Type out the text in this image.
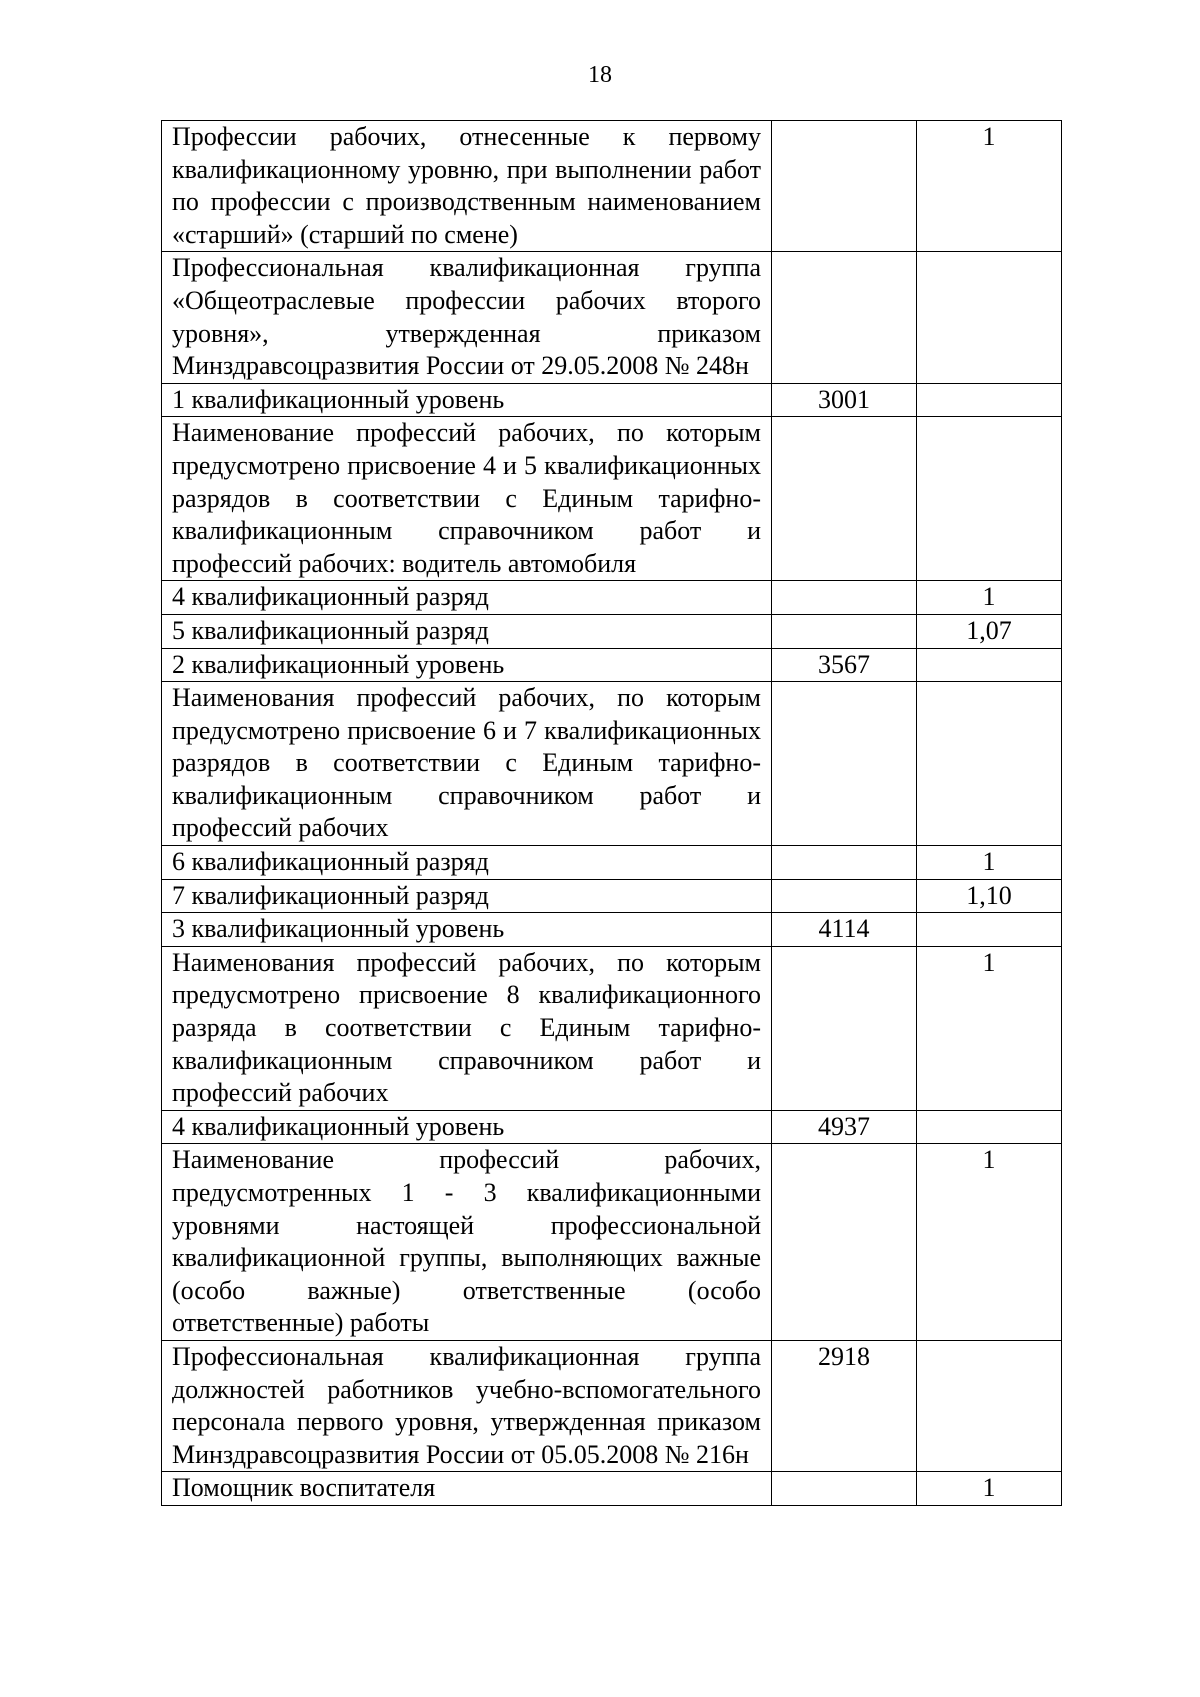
18
Профессии рабочих, отнесенные к первому квалификационному уровню, при выполнении работ по профессии с производственным наименованием «старший» (старший по смене)		1
Профессиональная квалификационная группа «Общеотраслевые профессии рабочих второго уровня», утвержденная приказом Минздравсоцразвития России от 29.05.2008 № 248н		
1 квалификационный уровень	3001	
Наименование профессий рабочих, по которым предусмотрено присвоение 4 и 5 квалификационных разрядов в соответствии с Единым тарифно-квалификационным справочником работ и профессий рабочих: водитель автомобиля		
4 квалификационный разряд		1
5 квалификационный разряд		1,07
2 квалификационный уровень	3567	
Наименования профессий рабочих, по которым предусмотрено присвоение 6 и 7 квалификационных разрядов в соответствии с Единым тарифно-квалификационным справочником работ и профессий рабочих		
6 квалификационный разряд		1
7 квалификационный разряд		1,10
3 квалификационный уровень	4114	
Наименования профессий рабочих, по которым предусмотрено присвоение 8 квалификационного разряда в соответствии с Единым тарифно-квалификационным справочником работ и профессий рабочих		1
4 квалификационный уровень	4937	
Наименование профессий рабочих, предусмотренных 1 - 3 квалификационными уровнями настоящей профессиональной квалификационной группы, выполняющих важные (особо важные) ответственные (особо ответственные) работы		1
Профессиональная квалификационная группа должностей работников учебно-вспомогательного персонала первого уровня, утвержденная приказом Минздравсоцразвития России от 05.05.2008 № 216н	2918	
Помощник воспитателя		1
